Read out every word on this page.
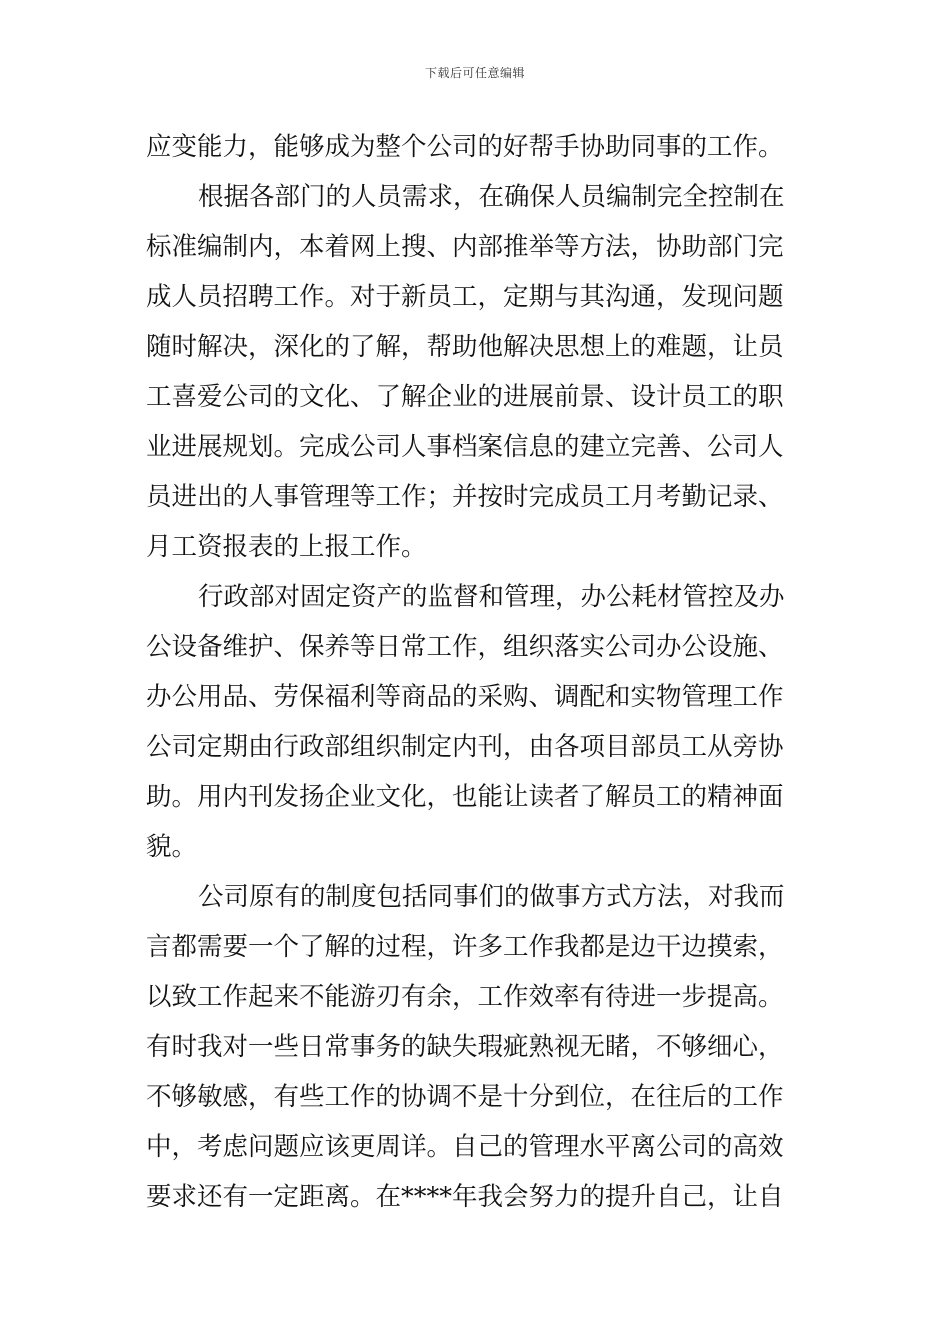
下载后可任意编辑
应变能力，能够成为整个公司的好帮手协助同事的工作。
根据各部门的人员需求，在确保人员编制完全控制在
标准编制内，本着网上搜、内部推举等方法，协助部门完
成人员招聘工作。对于新员工，定期与其沟通，发现问题
随时解决，深化的了解，帮助他解决思想上的难题，让员
工喜爱公司的文化、了解企业的进展前景、设计员工的职
业进展规划。完成公司人事档案信息的建立完善、公司人
员进出的人事管理等工作；并按时完成员工月考勤记录、
月工资报表的上报工作。
行政部对固定资产的监督和管理，办公耗材管控及办
公设备维护、保养等日常工作，组织落实公司办公设施、
办公用品、劳保福利等商品的采购、调配和实物管理工作
公司定期由行政部组织制定内刊，由各项目部员工从旁协
助。用内刊发扬企业文化，也能让读者了解员工的精神面
貌。
公司原有的制度包括同事们的做事方式方法，对我而
言都需要一个了解的过程，许多工作我都是边干边摸索，
以致工作起来不能游刃有余，工作效率有待进一步提高。
有时我对一些日常事务的缺失瑕疵熟视无睹，不够细心，
不够敏感，有些工作的协调不是十分到位，在往后的工作
中，考虑问题应该更周详。自己的管理水平离公司的高效
要求还有一定距离。在****年我会努力的提升自己，让自
